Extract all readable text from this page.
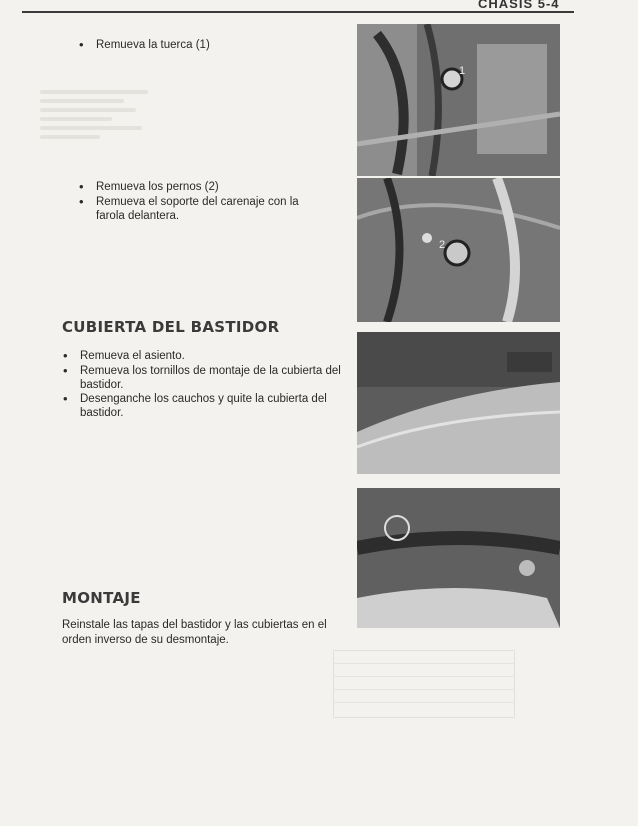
CHASIS 5-4
• Remueva la tuerca (1)
• Remueva los pernos (2)
• Remueva el soporte del carenaje con la farola delantera.
CUBIERTA DEL BASTIDOR
• Remueva el asiento.
• Remueva los tornillos de montaje de la cubierta del bastidor.
• Desenganche los cauchos y quite la cubierta del bastidor.
MONTAJE
Reinstale las tapas del bastidor y las cubiertas en el orden inverso de su desmontaje.
1
2
